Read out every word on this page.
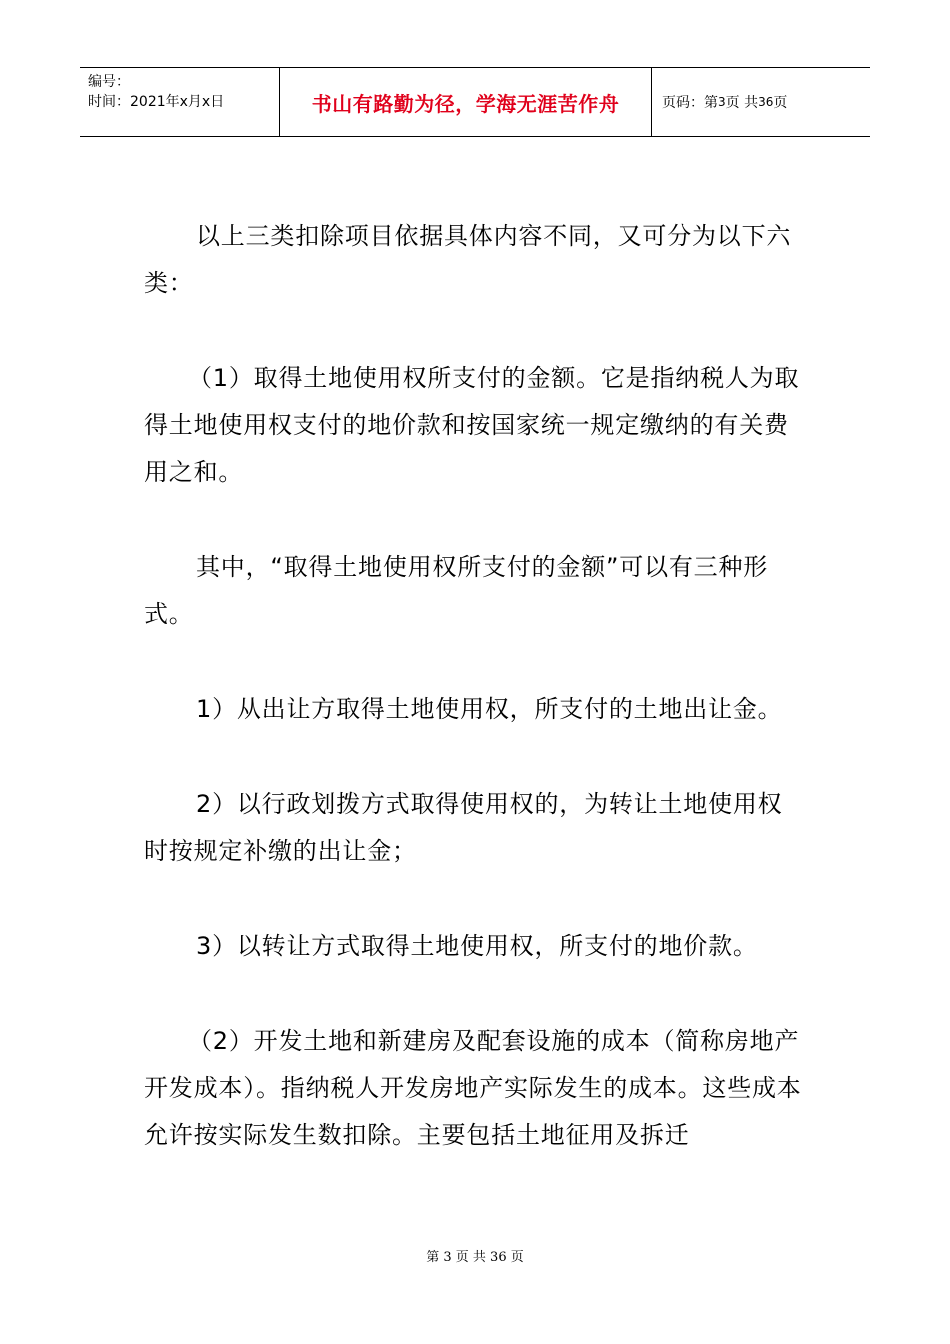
编号：
时间：2021年x月x日	书山有路勤为径，学海无涯苦作舟	页码：第 3 页 共 36 页

以上三类扣除项目依据具体内容不同，又可分为以下六类：

（1）取得土地使用权所支付的金额。它是指纳税人为取得土地使用权支付的地价款和按国家统一规定缴纳的有关费用之和。

其中，“取得土地使用权所支付的金额”可以有三种形式。

1）从出让方取得土地使用权，所支付的土地出让金。

2）以行政划拨方式取得使用权的，为转让土地使用权时按规定补缴的出让金；

3）以转让方式取得土地使用权，所支付的地价款。

（2）开发土地和新建房及配套设施的成本（简称房地产开发成本）。指纳税人开发房地产实际发生的成本。这些成本允许按实际发生数扣除。主要包括土地征用及拆迁

第 3 页 共 36 页
